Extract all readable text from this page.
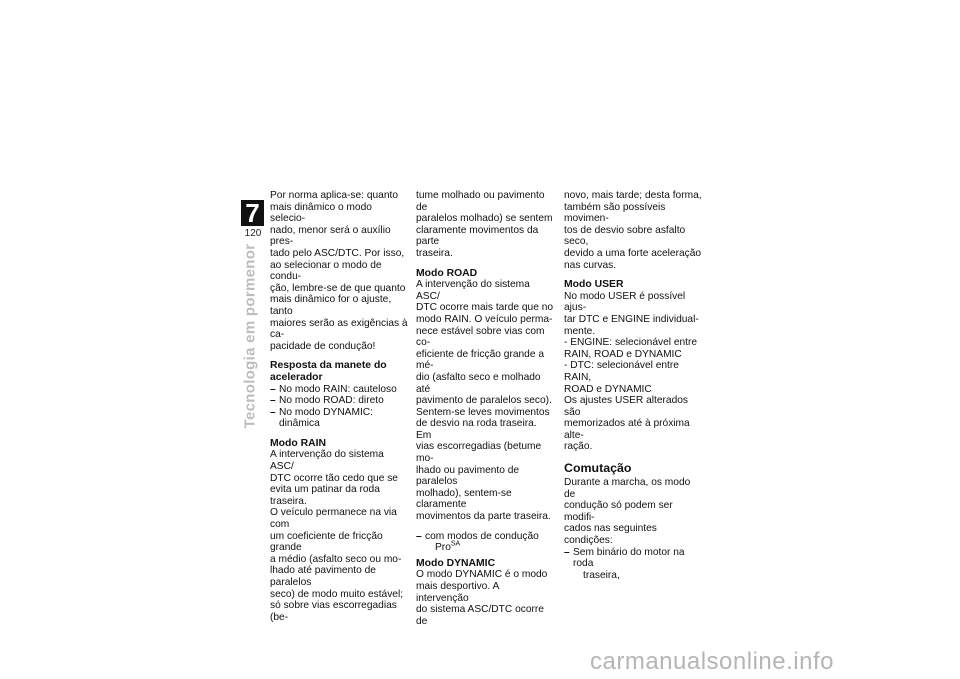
7
120
Tecnologia em pormenor

Por norma aplica-se: quanto
mais dinâmico o modo selecio-
nado, menor será o auxílio pres-
tado pelo ASC/DTC. Por isso,
ao selecionar o modo de condu-
ção, lembre-se de que quanto
mais dinâmico for o ajuste, tanto
maiores serão as exigências à ca-
pacidade de condução!

Resposta da manete do
acelerador
– No modo RAIN: cauteloso
– No modo ROAD: direto
– No modo DYNAMIC: dinâmica
Modo RAIN

A intervenção do sistema ASC/
DTC ocorre tão cedo que se
evita um patinar da roda traseira.
O veículo permanece na via com
um coeficiente de fricção grande
a médio (asfalto seco ou mo-
lhado até pavimento de paralelos
seco) de modo muito estável;
só sobre vias escorregadias (be-

tume molhado ou pavimento de
paralelos molhado) se sentem
claramente movimentos da parte
traseira.

Modo ROAD

A intervenção do sistema ASC/
DTC ocorre mais tarde que no
modo RAIN. O veículo perma-
nece estável sobre vias com co-
eficiente de fricção grande a mé-
dio (asfalto seco e molhado até
pavimento de paralelos seco).
Sentem-se leves movimentos
de desvio na roda traseira. Em
vias escorregadias (betume mo-
lhado ou pavimento de paralelos
molhado), sentem-se claramente
movimentos da parte traseira.

– com modos de condução
Pro$^{SA}$
Modo DYNAMIC

O modo DYNAMIC é o modo
mais desportivo. A intervenção
do sistema ASC/DTC ocorre de

novo, mais tarde; desta forma,
também são possíveis movimen-
tos de desvio sobre asfalto seco,
devido a uma forte aceleração
nas curvas.

Modo USER

No modo USER é possível ajus-
tar DTC e ENGINE individual-
mente.
- ENGINE: selecionável entre
RAIN, ROAD e DYNAMIC
- DTC: selecionável entre RAIN,
ROAD e DYNAMIC
Os ajustes USER alterados são
memorizados até à próxima alte-
ração.

Comutação

Durante a marcha, os modo de
condução só podem ser modifi-
cados nas seguintes condições:

– Sem binário do motor na roda
traseira,
carmanualsonline.info
